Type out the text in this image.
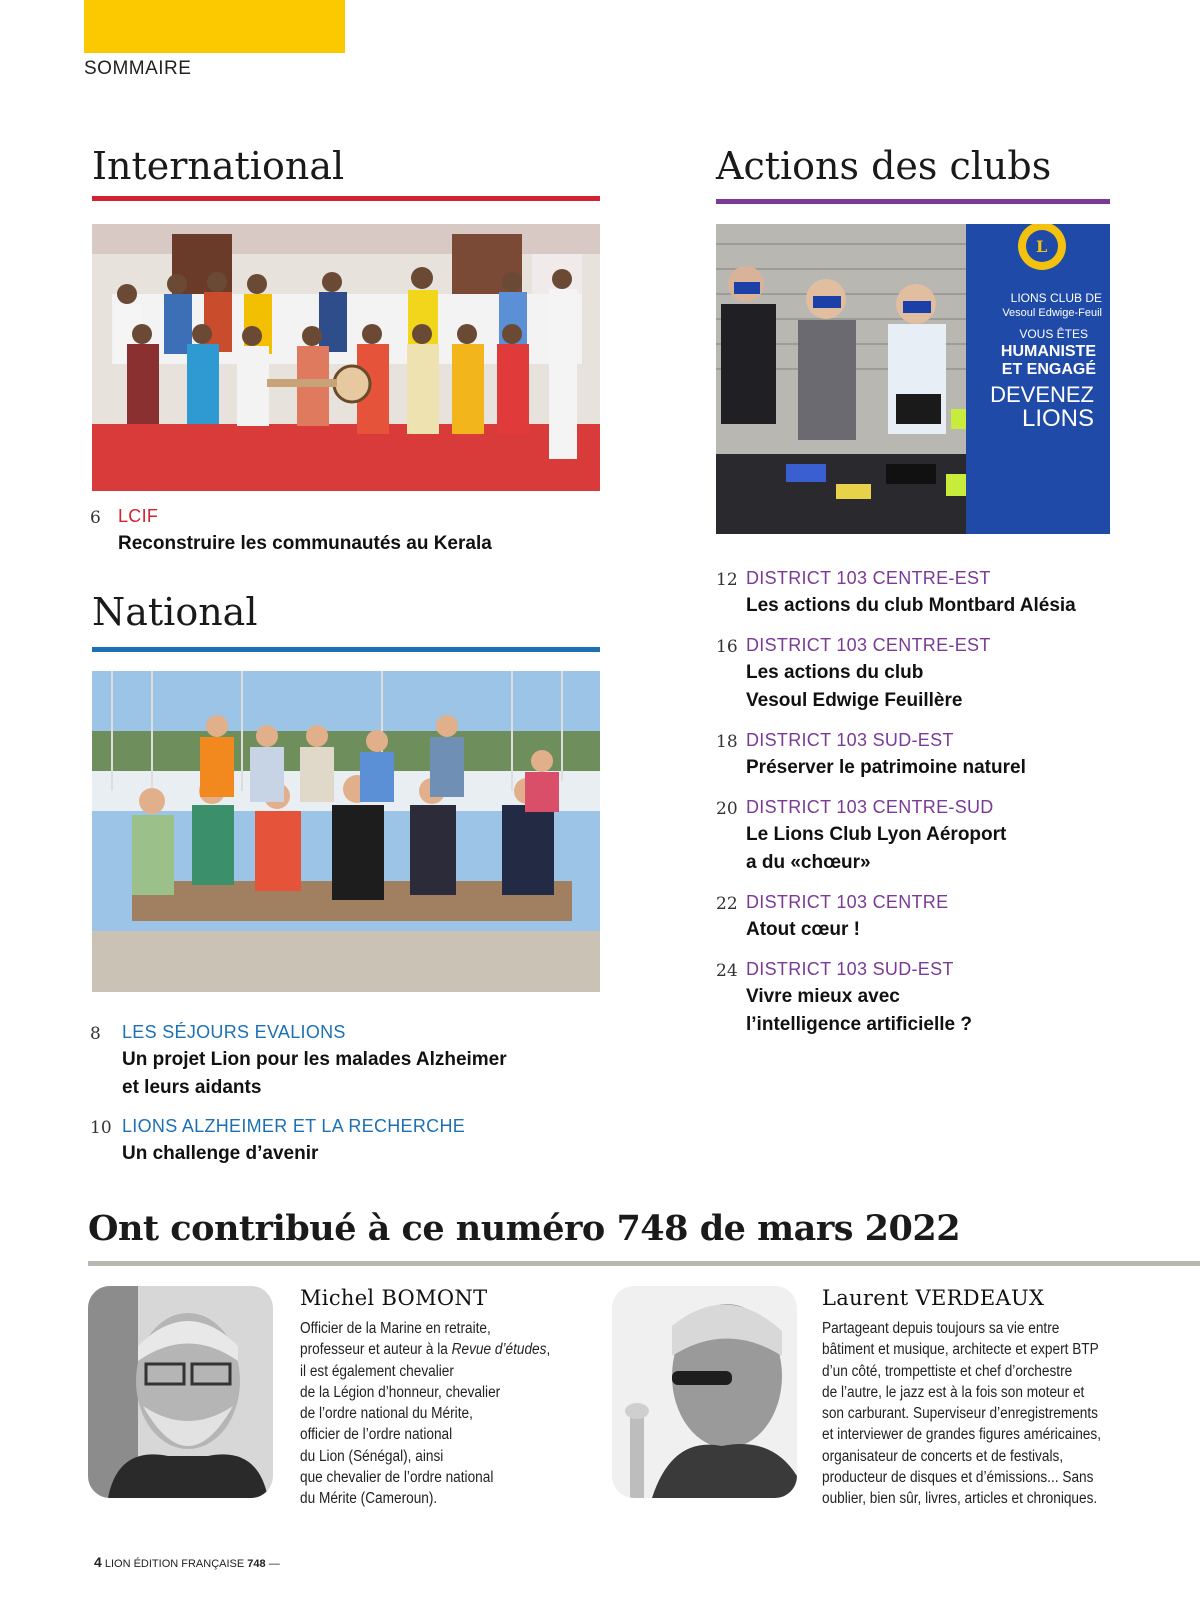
SOMMAIRE
International
6 LCIF
Reconstruire les communautés au Kerala
National
8 LES SÉJOURS EVALIONS
Un projet Lion pour les malades Alzheimer
et leurs aidants
10 LIONS ALZHEIMER ET LA RECHERCHE
Un challenge d’avenir
Actions des clubs
L
LIONS CLUB DE
Vesoul Edwige-Feuil
VOUS ÊTES
HUMANISTE
ET ENGAGÉ
DEVENEZ
LIONS
12 DISTRICT 103 CENTRE-EST
Les actions du club Montbard Alésia
16 DISTRICT 103 CENTRE-EST
Les actions du club
Vesoul Edwige Feuillère
18 DISTRICT 103 SUD-EST
Préserver le patrimoine naturel
20 DISTRICT 103 CENTRE-SUD
Le Lions Club Lyon Aéroport
a du «chœur»
22 DISTRICT 103 CENTRE
Atout cœur !
24 DISTRICT 103 SUD-EST
Vivre mieux avec
l’intelligence artificielle ?
Ont contribué à ce numéro 748 de mars 2022
Michel BOMONT
Officier de la Marine en retraite,
professeur et auteur à la Revue d’études,
il est également chevalier
de la Légion d’honneur, chevalier
de l’ordre national du Mérite,
officier de l’ordre national
du Lion (Sénégal), ainsi
que chevalier de l’ordre national
du Mérite (Cameroun).
Laurent VERDEAUX
Partageant depuis toujours sa vie entre
bâtiment et musique, architecte et expert BTP
d’un côté, trompettiste et chef d’orchestre
de l’autre, le jazz est à la fois son moteur et
son carburant. Superviseur d’enregistrements
et interviewer de grandes figures américaines,
organisateur de concerts et de festivals,
producteur de disques et d’émissions... Sans
oublier, bien sûr, livres, articles et chroniques.
4 LION ÉDITION FRANÇAISE 748 —
